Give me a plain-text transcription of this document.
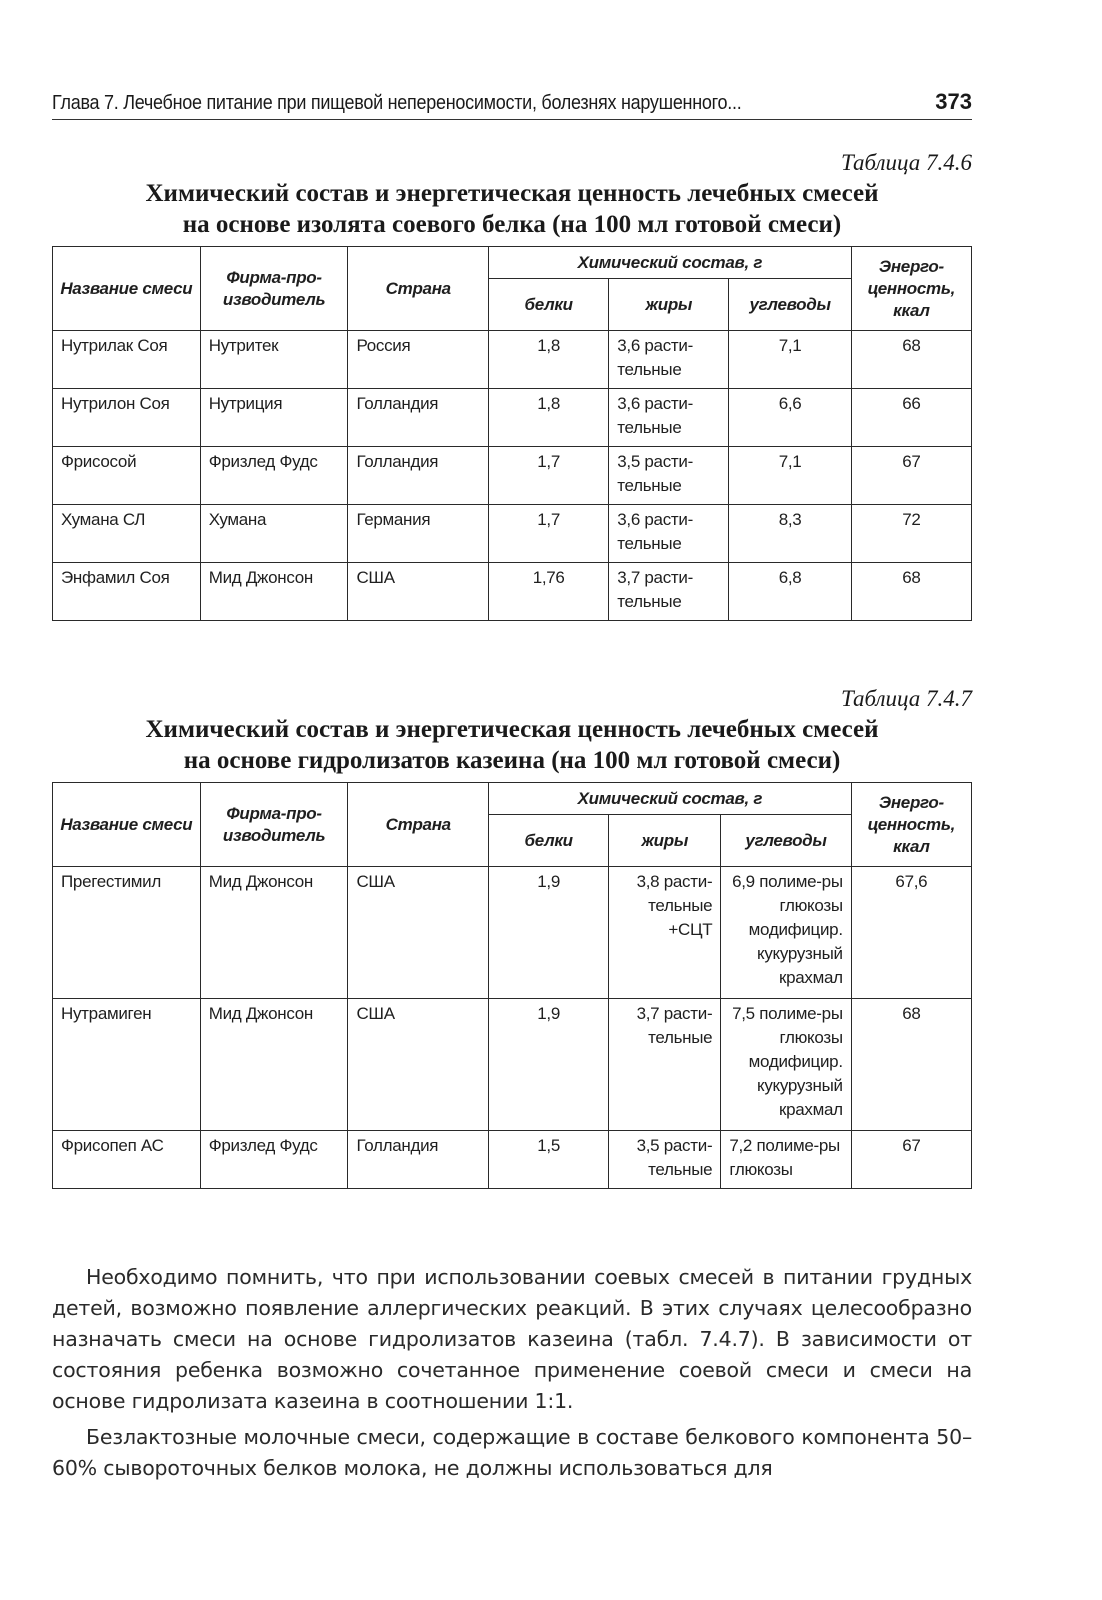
Глава 7. Лечебное питание при пищевой непереносимости, болезнях нарушенного...	373
Таблица 7.4.6
Химический состав и энергетическая ценность лечебных смесей
на основе изолята соевого белка (на 100 мл готовой смеси)
Название смеси	Фирма-про-изводитель	Страна	Химический состав, г			Энерго-ценность, ккал
			белки	жиры	углеводы	
Нутрилак Соя	Нутритек	Россия	1,8	3,6 расти-тельные	7,1	68
Нутрилон Соя	Нутриция	Голландия	1,8	3,6 расти-тельные	6,6	66
Фрисосой	Фризлед Фудс	Голландия	1,7	3,5 расти-тельные	7,1	67
Хумана СЛ	Хумана	Германия	1,7	3,6 расти-тельные	8,3	72
Энфамил Соя	Мид Джонсон	США	1,76	3,7 расти-тельные	6,8	68
Таблица 7.4.7
Химический состав и энергетическая ценность лечебных смесей
на основе гидролизатов казеина (на 100 мл готовой смеси)
Название смеси	Фирма-про-изводитель	Страна	Химический состав, г			Энерго-ценность, ккал
			белки	жиры	углеводы	
Прегестимил	Мид Джонсон	США	1,9	3,8 расти-тельные +СЦТ	6,9 полиме-ры глюкозы модифицир. кукурузный крахмал	67,6
Нутрамиген	Мид Джонсон	США	1,9	3,7 расти-тельные	7,5 полиме-ры глюкозы модифицир. кукурузный крахмал	68
Фрисопеп АС	Фризлед Фудс	Голландия	1,5	3,5 расти-тельные	7,2 полиме-ры глюкозы	67

Необходимо помнить, что при использовании соевых смесей в питании грудных детей, возможно появление аллергических реакций. В этих случаях целесообразно назначать смеси на основе гидролизатов казеина (табл. 7.4.7). В зависимости от состояния ребенка возможно сочетанное применение соевой смеси и смеси на основе гидролизата казеина в соотношении 1:1.

Безлактозные молочные смеси, содержащие в составе белкового компонента 50–60% сывороточных белков молока, не должны использоваться для
